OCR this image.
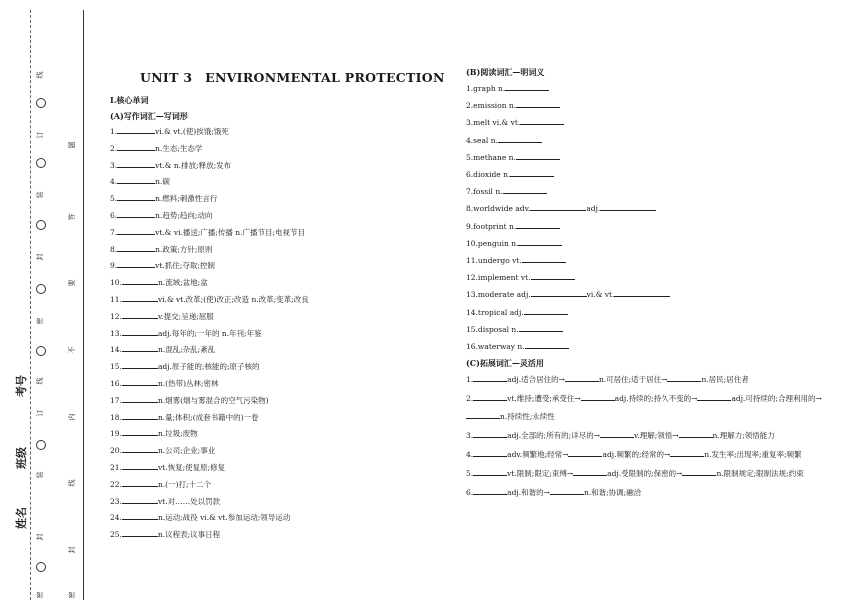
线
订
装
封
密
线
订
装
封
密
题
答
要
不
内
线
封
密
考号
班级
姓名
UNIT 3　ENVIRONMENTAL PROTECTION
Ⅰ.核心单词
(A)写作词汇—写词形
1.	vi.& vt.(使)挨饿;饿死
2.	n.生态;生态学
3.	vt.& n.排放;释放;发布
4.	n.碳
5.	n.燃料;刺激性言行
6.	n.趋势;趋向;动向
7.	vt.& vi.播送;广播;传播 n.广播节目;电视节目
8.	n.政策;方针;原则
9.	vt.抓住;夺取;控制
10.	n.流域;盆地;盆
11.	vi.& vt.改革;(使)改正;改造 n.改革;变革;改良
12.	v.提交;呈递;屈服
13.	adj.每年的;一年的 n.年刊;年鉴
14.	n.混乱;杂乱;紊乱
15.	adj.原子能的;核能的;原子核的
16.	n.(热带)丛林;密林
17.	n.烟雾(烟与雾混合的空气污染物)
18.	n.量;体积;(成套书籍中的)一卷
19.	n.垃圾;废物
20.	n.公司;企业;事业
21.	vt.恢复;使复原;修复
22.	n.(一)打;十二个
23.	vt.对……处以罚款
24.	n.运动;战役 vi.& vt.参加运动;领导运动
25.	n.议程表;议事日程
(B)阅读词汇—明词义
1.graph n.
2.emission n.
3.melt vi.& vt.
4.seal n.
5.methane n.
6.dioxide n.
7.fossil n.
8.worldwide adv.	adj.
9.footprint n.
10.penguin n.
11.undergo vt.
12.implement vt.
13.moderate adj.	vi.& vt.
14.tropical adj.
15.disposal n.
16.waterway n.
(C)拓展词汇—灵活用
1.	adj.适合居住的→	n.可居住;适于居住→	n.居民;居住者
2.	vt.维持;遭受;承受住→	adj.持续的;持久不变的→	adj.可持续的;合理利用的→n.持续性;永续性
3.	adj.全部的;所有的;详尽的→	v.理解;领悟→	n.理解力;领悟能力
4.	adv.频繁地;经常→	adj.频繁的;经常的→	n.发生率;出现率;重复率;频繁
5.	vt.限制;限定;束缚→	adj.受限制的;保密的→	n.限制规定;限制法规;约束
6.	adj.和谐的→	n.和谐;协调;融洽
